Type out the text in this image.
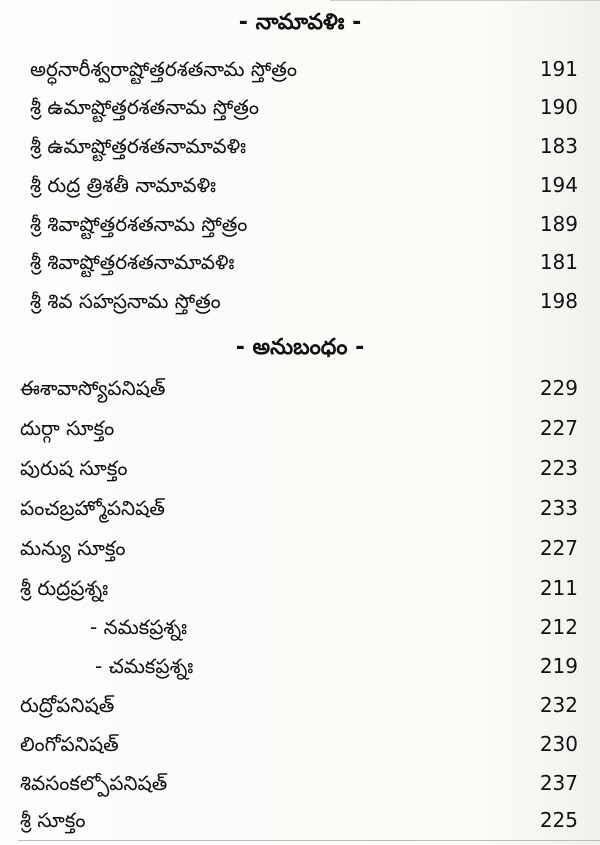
- నామావళిః -
అర్ధనారీశ్వరాష్టోత్తరశతనామ స్తోత్రం	191
శ్రీ ఉమాష్టోత్తరశతనామ స్తోత్రం	190
శ్రీ ఉమాష్టోత్తరశతనామావళిః	183
శ్రీ రుద్ర త్రిశతీ నామావళిః	194
శ్రీ శివాష్టోత్తరశతనామ స్తోత్రం	189
శ్రీ శివాష్టోత్తరశతనామావళిః	181
శ్రీ శివ సహస్రనామ స్తోత్రం	198
- అనుబంధం -
ఈశావాస్యోపనిషత్	229
దుర్గా సూక్తం	227
పురుష సూక్తం	223
పంచబ్రహ్మోపనిషత్	233
మన్యు సూక్తం	227
శ్రీ రుద్రప్రశ్నః	211
- నమకప్రశ్నః	212
- చమకప్రశ్నః	219
రుద్రోపనిషత్	232
లింగోపనిషత్	230
శివసంకల్పోపనిషత్	237
శ్రీ సూక్తం	225
